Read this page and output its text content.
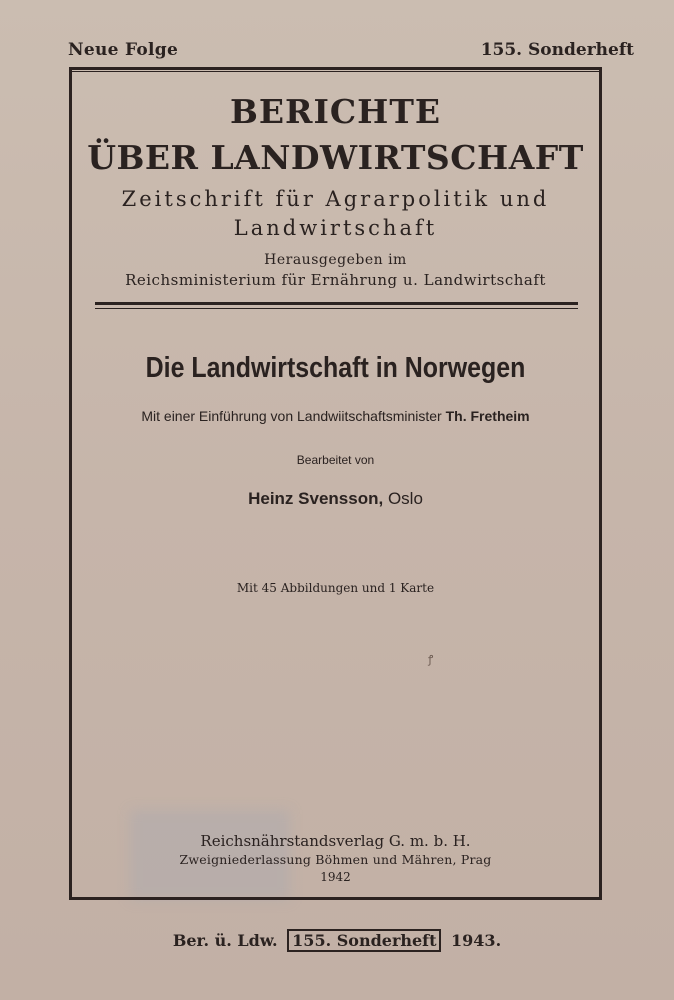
Neue Folge	155. Sonderheft
BERICHTE
ÜBER LANDWIRTSCHAFT
Zeitschrift für Agrarpolitik und
Landwirtschaft
Herausgegeben im
Reichsministerium für Ernährung u. Landwirtschaft
Die Landwirtschaft in Norwegen
Mit einer Einführung von Landwiitschaftsminister Th. Fretheim
Bearbeitet von
Heinz Svensson, Oslo
Mit 45 Abbildungen und 1 Karte
ꝭ
Reichsnährstandsverlag G. m. b. H.
Zweigniederlassung Böhmen und Mähren, Prag
1942
Ber. ü. Ldw. 155. Sonderheft 1943.
